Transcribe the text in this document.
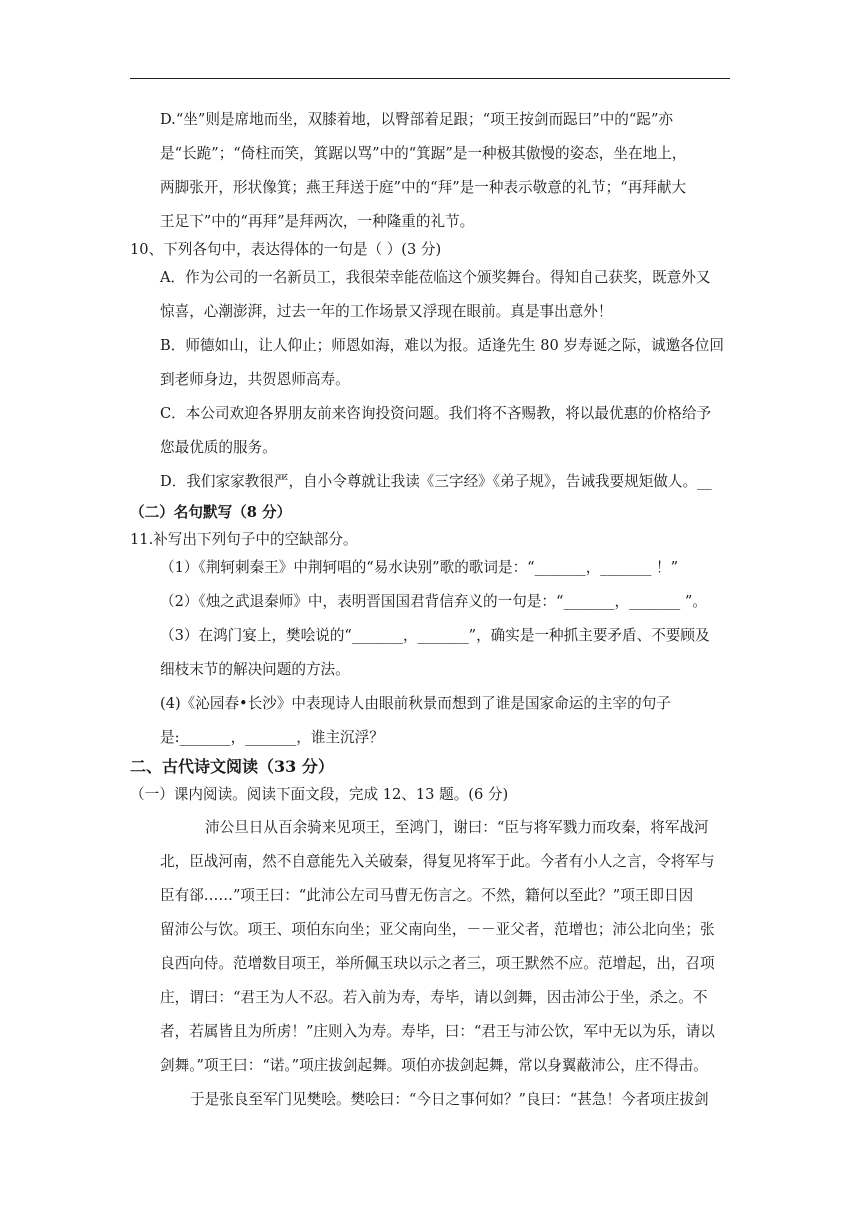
D.“坐”则是席地而坐，双膝着地，以臀部着足跟；“项王按剑而跽曰”中的“跽”亦
是“长跪”；“倚柱而笑，箕踞以骂”中的“箕踞”是一种极其傲慢的姿态，坐在地上，
两脚张开，形状像箕；燕王拜送于庭”中的“拜”是一种表示敬意的礼节；“再拜献大
王足下”中的“再拜”是拜两次，一种隆重的礼节。
10、下列各句中，表达得体的一句是（ ）(3 分)
A．作为公司的一名新员工，我很荣幸能莅临这个颁奖舞台。得知自己获奖，既意外又
惊喜，心潮澎湃，过去一年的工作场景又浮现在眼前。真是事出意外！
B．师德如山，让人仰止；师恩如海，难以为报。适逢先生 80 岁寿诞之际，诚邀各位回
到老师身边，共贺恩师高寿。
C．本公司欢迎各界朋友前来咨询投资问题。我们将不吝赐教，将以最优惠的价格给予
您最优质的服务。
D．我们家家教很严，自小令尊就让我读《三字经》《弟子规》，告诫我要规矩做人。__
（二）名句默写（8 分）
11.补写出下列句子中的空缺部分。
（1）《荆轲刺秦王》中荆轲唱的“易水诀别”歌的歌词是：“_______，_______ ！”
（2）《烛之武退秦师》中，表明晋国国君背信弃义的一句是：“_______，_______ ”。
（3）在鸿门宴上，樊哙说的“_______，_______”，确实是一种抓主要矛盾、不要顾及
细枝末节的解决问题的方法。
(4)《沁园春•长沙》中表现诗人由眼前秋景而想到了谁是国家命运的主宰的句子
是:_______，_______，谁主沉浮？
二、古代诗文阅读（33 分）
（一）课内阅读。阅读下面文段，完成 12、13 题。(6 分)
沛公旦日从百余骑来见项王，至鸿门，谢曰：“臣与将军戮力而攻秦，将军战河
北，臣战河南，然不自意能先入关破秦，得复见将军于此。今者有小人之言，令将军与
臣有郤……”项王曰：“此沛公左司马曹无伤言之。不然，籍何以至此？”项王即日因
留沛公与饮。项王、项伯东向坐；亚父南向坐，－－亚父者，范增也；沛公北向坐；张
良西向侍。范增数目项王，举所佩玉玦以示之者三，项王默然不应。范增起，出，召项
庄，谓曰：“君王为人不忍。若入前为寿，寿毕，请以剑舞，因击沛公于坐，杀之。不
者，若属皆且为所虏！”庄则入为寿。寿毕，曰：“君王与沛公饮，军中无以为乐，请以
剑舞。”项王曰：“诺。”项庄拔剑起舞。项伯亦拔剑起舞，常以身翼蔽沛公，庄不得击。
于是张良至军门见樊哙。樊哙曰：“今日之事何如？”良曰：“甚急！今者项庄拔剑
